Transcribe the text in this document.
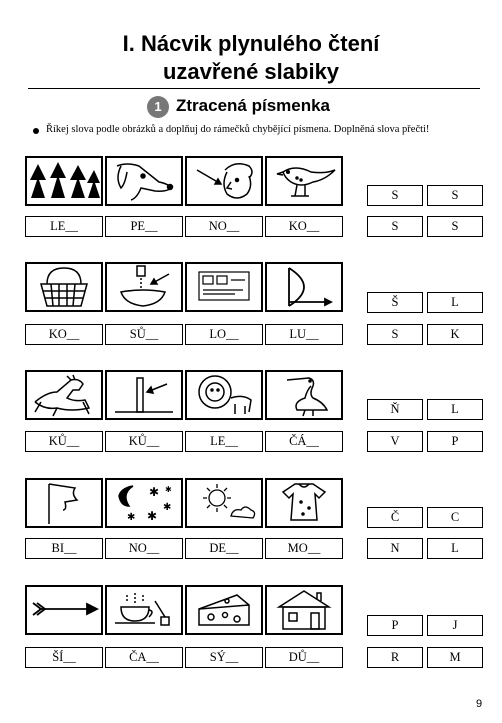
I. Nácvik plynulého čtení
uzavřené slabiky
1 Ztracená písmenka
Říkej slova podle obrázků a doplňuj do rámečků chybějící písmena. Doplněná slova přečti!
LE__	PE__	NO__	KO__
S	S
S	S
KO__	SŮ__	LO__	LU__
Š	L
S	K
KŮ__	KŮ__	LE__	ČÁ__
Ň	L
V	P
✱
✱
✱ ✱
✱
BI__	NO__	DE__	MO__
Č	C
N	L
ŠÍ__	ČA__	SÝ__	DŮ__
P	J
R	M
9
